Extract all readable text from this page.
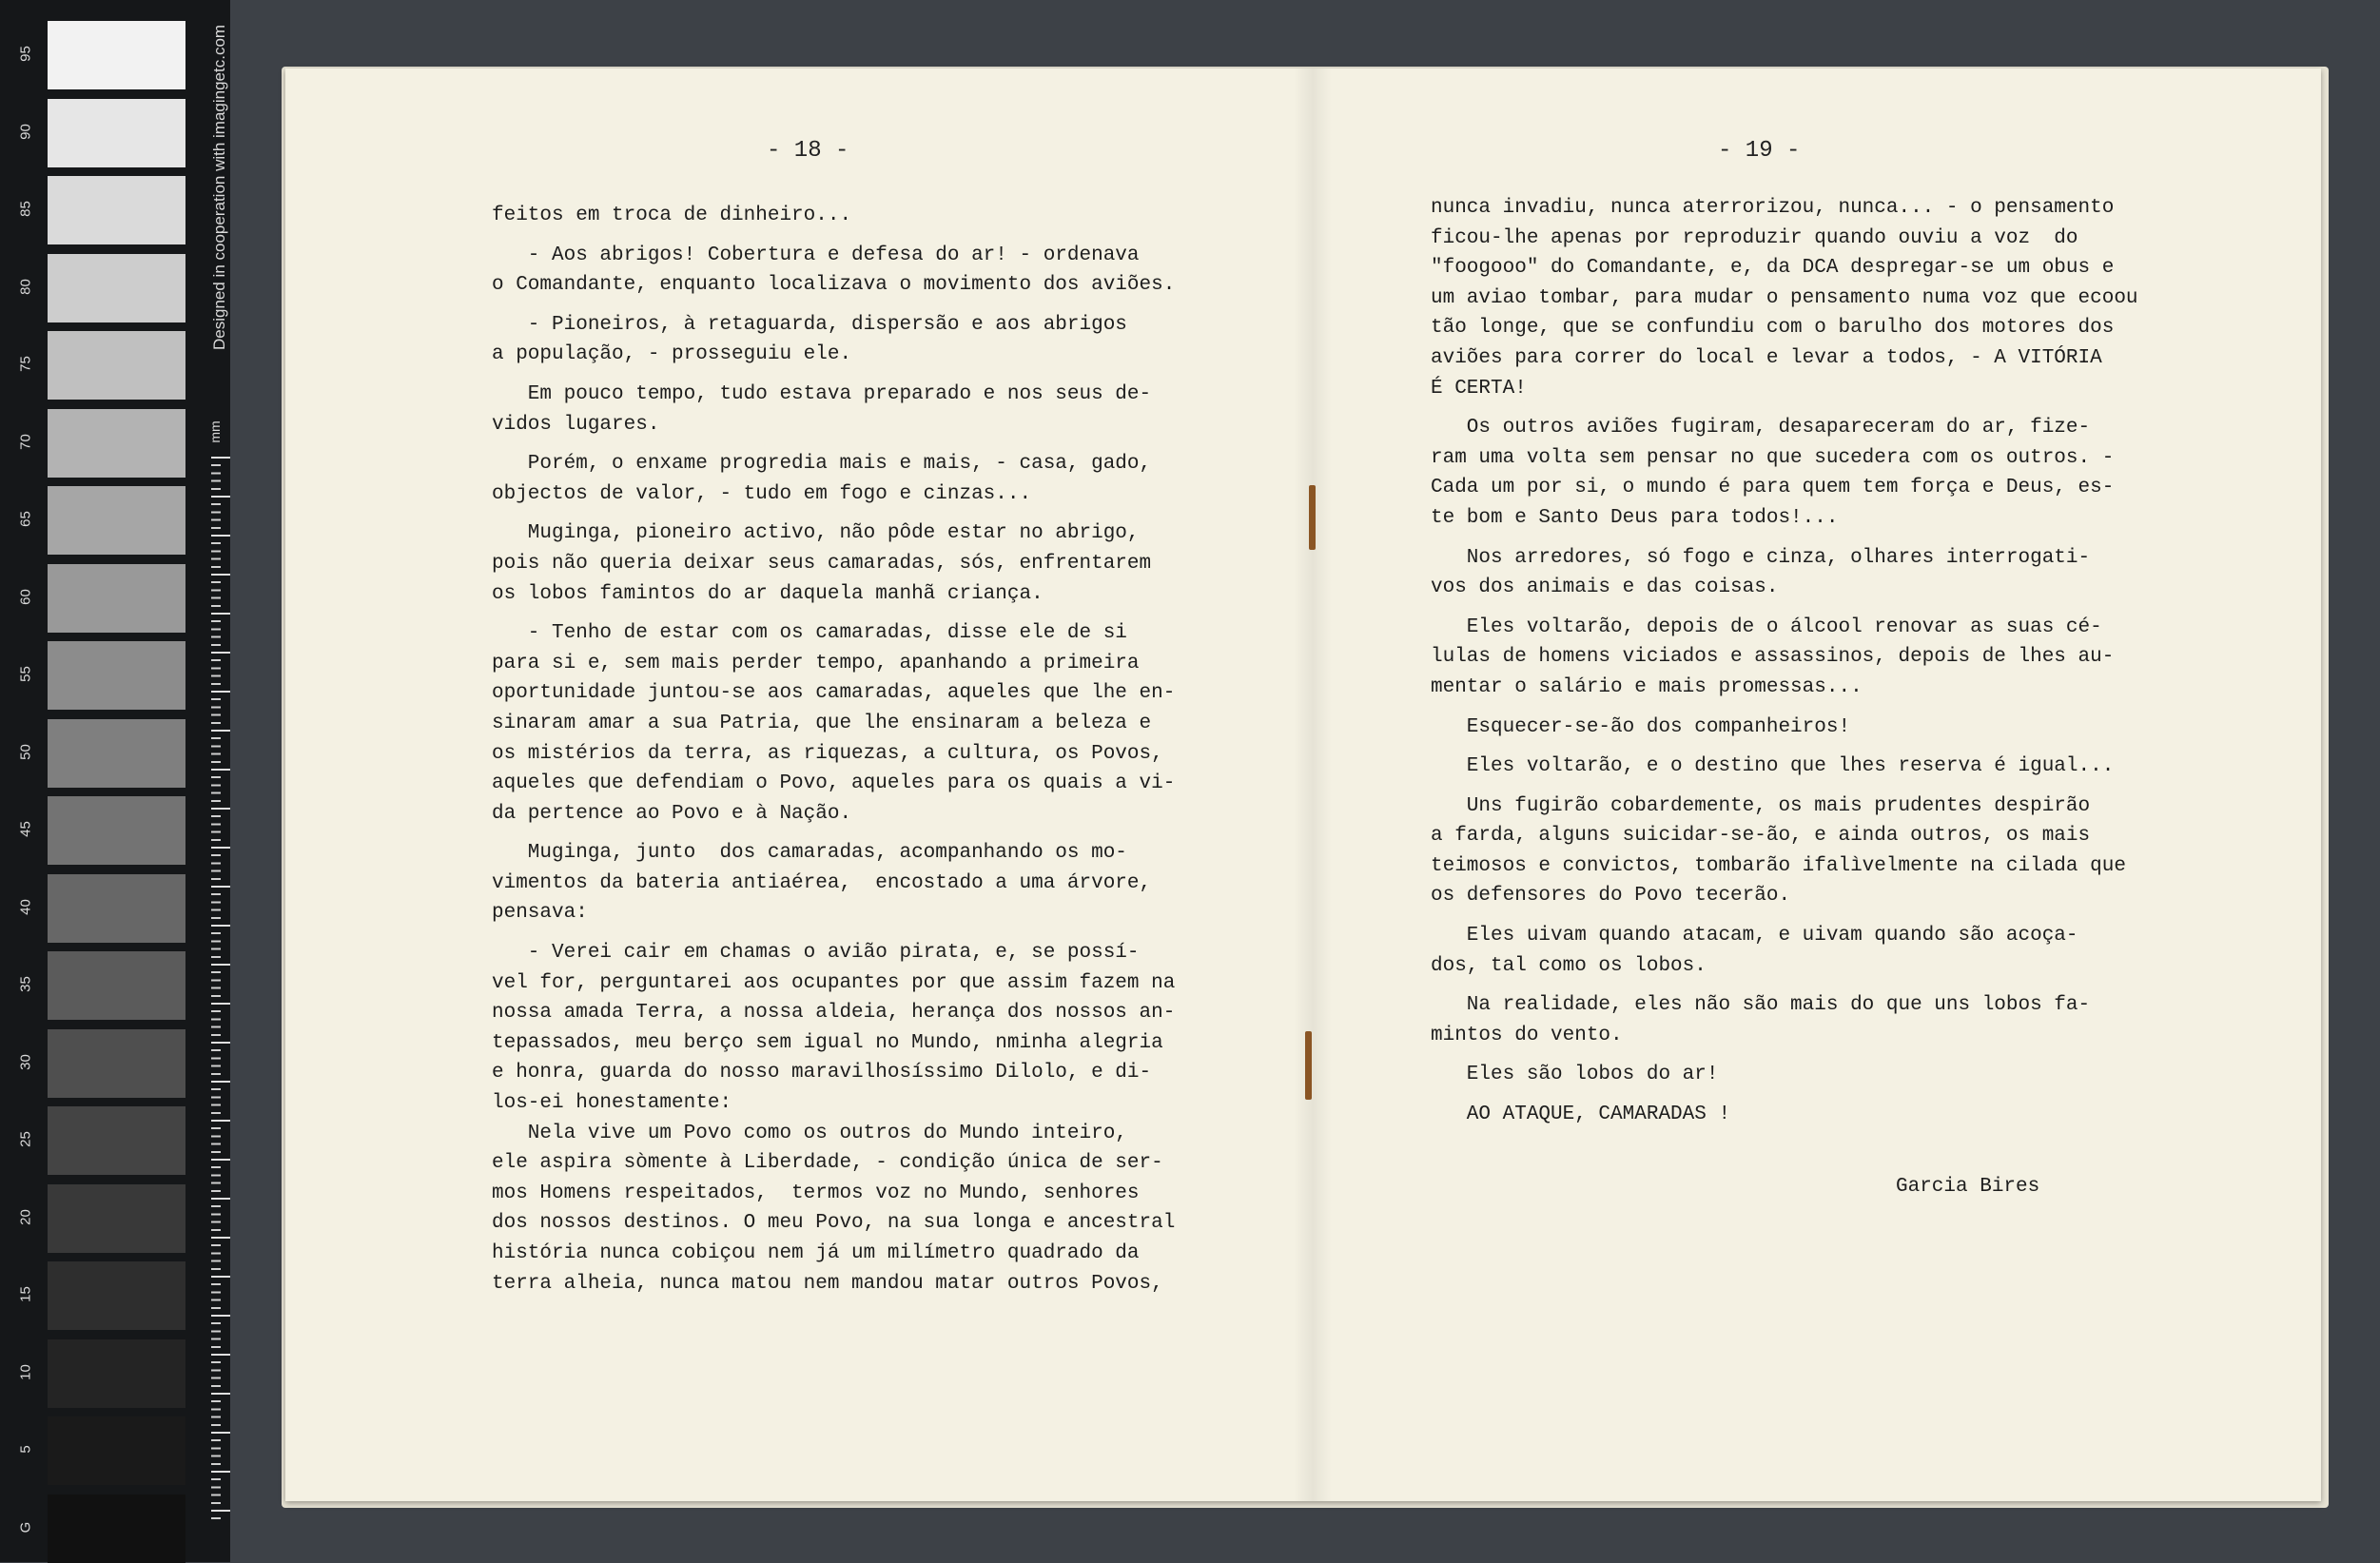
Designed in cooperation with imagingetc.com
mm
95
90
85
80
75
70
65
60
55
50
45
40
35
30
25
20
15
10
5
G
- 18 -	- 19 -
feitos em troca de dinheiro...
- Aos abrigos! Cobertura e defesa do ar! - ordenava
o Comandante, enquanto localizava o movimento dos aviões.
- Pioneiros, à retaguarda, dispersão e aos abrigos
a população, - prosseguiu ele.
Em pouco tempo, tudo estava preparado e nos seus de-
vidos lugares.
Porém, o enxame progredia mais e mais, - casa, gado,
objectos de valor, - tudo em fogo e cinzas...
Muginga, pioneiro activo, não pôde estar no abrigo,
pois não queria deixar seus camaradas, sós, enfrentarem
os lobos famintos do ar daquela manhã criança.
- Tenho de estar com os camaradas, disse ele de si
para si e, sem mais perder tempo, apanhando a primeira
oportunidade juntou-se aos camaradas, aqueles que lhe en-
sinaram amar a sua Patria, que lhe ensinaram a beleza e
os mistérios da terra, as riquezas, a cultura, os Povos,
aqueles que defendiam o Povo, aqueles para os quais a vi-
da pertence ao Povo e à Nação.
Muginga, junto  dos camaradas, acompanhando os mo-
vimentos da bateria antiaérea,  encostado a uma árvore,
pensava:
- Verei cair em chamas o avião pirata, e, se possí-
vel for, perguntarei aos ocupantes por que assim fazem na
nossa amada Terra, a nossa aldeia, herança dos nossos an-
tepassados, meu berço sem igual no Mundo, nminha alegria
e honra, guarda do nosso maravilhosíssimo Dilolo, e di-
los-ei honestamente:
Nela vive um Povo como os outros do Mundo inteiro,
ele aspira sòmente à Liberdade, - condição única de ser-
mos Homens respeitados,  termos voz no Mundo, senhores
dos nossos destinos. O meu Povo, na sua longa e ancestral
história nunca cobiçou nem já um milímetro quadrado da
terra alheia, nunca matou nem mandou matar outros Povos,
nunca invadiu, nunca aterrorizou, nunca... - o pensamento
ficou-lhe apenas por reproduzir quando ouviu a voz  do
"foogooo" do Comandante, e, da DCA despregar-se um obus e
um aviao tombar, para mudar o pensamento numa voz que ecoou
tão longe, que se confundiu com o barulho dos motores dos
aviões para correr do local e levar a todos, - A VITÓRIA
É CERTA!
Os outros aviões fugiram, desapareceram do ar, fize-
ram uma volta sem pensar no que sucedera com os outros. -
Cada um por si, o mundo é para quem tem força e Deus, es-
te bom e Santo Deus para todos!...
Nos arredores, só fogo e cinza, olhares interrogati-
vos dos animais e das coisas.
Eles voltarão, depois de o álcool renovar as suas cé-
lulas de homens viciados e assassinos, depois de lhes au-
mentar o salário e mais promessas...
Esquecer-se-ão dos companheiros!
Eles voltarão, e o destino que lhes reserva é igual...
Uns fugirão cobardemente, os mais prudentes despirão
a farda, alguns suicidar-se-ão, e ainda outros, os mais
teimosos e convictos, tombarão ifalìvelmente na cilada que
os defensores do Povo tecerão.
Eles uivam quando atacam, e uivam quando são acoça-
dos, tal como os lobos.
Na realidade, eles não são mais do que uns lobos fa-
mintos do vento.
Eles são lobos do ar!
AO ATAQUE, CAMARADAS !
Garcia Bires
